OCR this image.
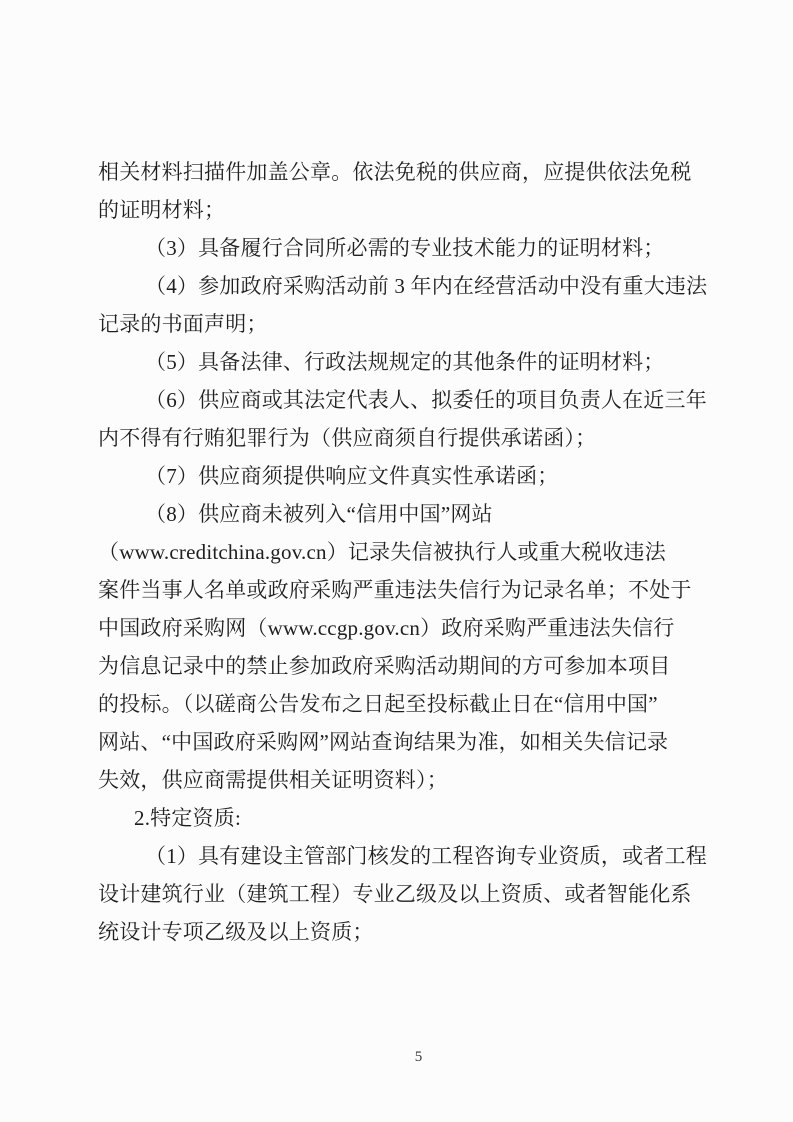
相关材料扫描件加盖公章。依法免税的供应商，应提供依法免税
的证明材料；
（3）具备履行合同所必需的专业技术能力的证明材料；
（4）参加政府采购活动前 3 年内在经营活动中没有重大违法
记录的书面声明；
（5）具备法律、行政法规规定的其他条件的证明材料；
（6）供应商或其法定代表人、拟委任的项目负责人在近三年
内不得有行贿犯罪行为（供应商须自行提供承诺函）；
（7）供应商须提供响应文件真实性承诺函；
（8）供应商未被列入“信用中国”网站
（www.creditchina.gov.cn）记录失信被执行人或重大税收违法
案件当事人名单或政府采购严重违法失信行为记录名单；不处于
中国政府采购网（www.ccgp.gov.cn）政府采购严重违法失信行
为信息记录中的禁止参加政府采购活动期间的方可参加本项目
的投标。（以磋商公告发布之日起至投标截止日在“信用中国”
网站、“中国政府采购网”网站查询结果为准，如相关失信记录
失效，供应商需提供相关证明资料）；
2.特定资质:
（1）具有建设主管部门核发的工程咨询专业资质，或者工程
设计建筑行业（建筑工程）专业乙级及以上资质、或者智能化系
统设计专项乙级及以上资质；
5
